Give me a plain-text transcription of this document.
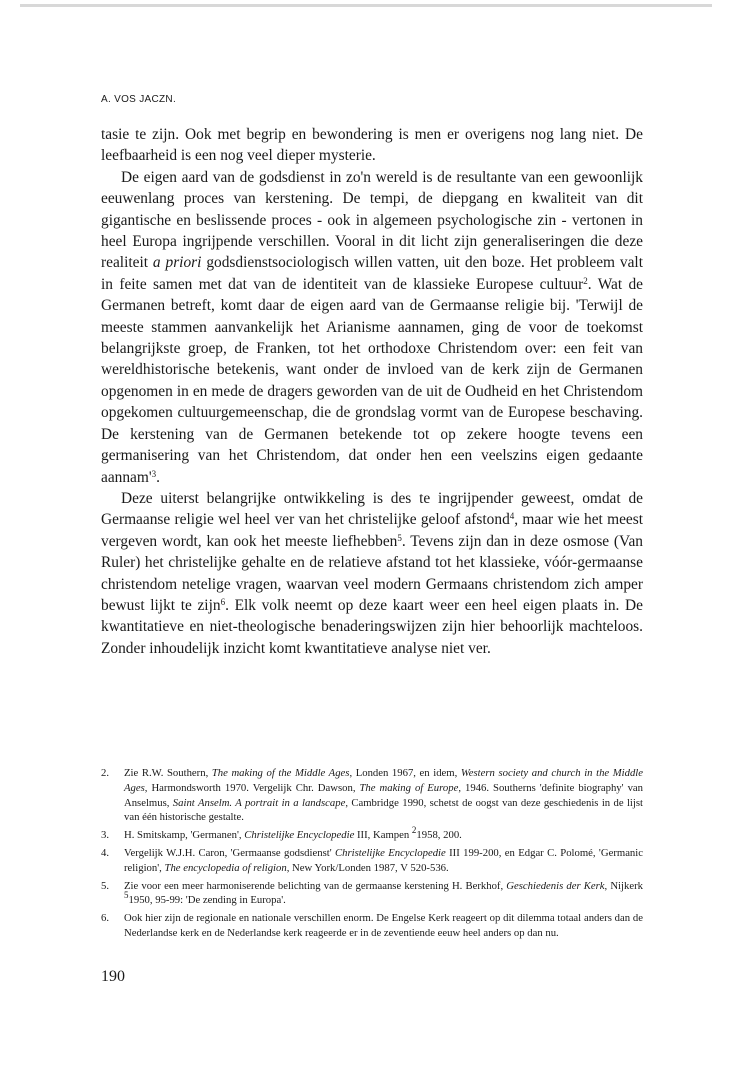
A. VOS JACZN.

tasie te zijn. Ook met begrip en bewondering is men er overigens nog lang niet. De leefbaarheid is een nog veel dieper mysterie.

De eigen aard van de godsdienst in zo'n wereld is de resultante van een gewoonlijk eeuwenlang proces van kerstening. De tempi, de diepgang en kwaliteit van dit gigantische en beslissende proces - ook in algemeen psychologische zin - vertonen in heel Europa ingrijpende verschillen. Vooral in dit licht zijn generaliseringen die deze realiteit a priori godsdienstsociologisch willen vatten, uit den boze. Het probleem valt in feite samen met dat van de identiteit van de klassieke Europese cultuur$^2$. Wat de Germanen betreft, komt daar de eigen aard van de Germaanse religie bij. 'Terwijl de meeste stammen aanvankelijk het Arianisme aannamen, ging de voor de toekomst belangrijkste groep, de Franken, tot het orthodoxe Christendom over: een feit van wereldhistorische betekenis, want onder de invloed van de kerk zijn de Germanen opgenomen in en mede de dragers geworden van de uit de Oudheid en het Christendom opgekomen cultuurgemeenschap, die de grondslag vormt van de Europese beschaving. De kerstening van de Germanen betekende tot op zekere hoogte tevens een germanisering van het Christendom, dat onder hen een veelszins eigen gedaante $aannam'^3$.

Deze uiterst belangrijke ontwikkeling is des te ingrijpender geweest, omdat de Germaanse religie wel heel ver van het christelijke geloof afstond$^4$, maar wie het meest vergeven wordt, kan ook het meeste liefhebben$^5$. Tevens zijn dan in deze osmose (Van Ruler) het christelijke gehalte en de relatieve afstand tot het klassieke, vóór-germaanse christendom netelige vragen, waarvan veel modern Germaans christendom zich amper bewust lijkt te zijn$^6$. Elk volk neemt op deze kaart weer een heel eigen plaats in. De kwantitatieve en niet-theologische benaderingswijzen zijn hier behoorlijk machteloos. Zonder inhoudelijk inzicht komt kwantitatieve analyse niet ver.

2.	Zie R.W. Southern, The making of the Middle Ages, Londen 1967, en idem, Western society and church in the Middle Ages, Harmondsworth 1970. Vergelijk Chr. Dawson, The making of Europe, 1946. Southerns 'definite biography' van Anselmus, Saint Anselm. A portrait in a landscape, Cambridge 1990, schetst de oogst van deze geschiedenis in de lijst van één historische gestalte.
3.	H. Smitskamp, 'Germanen', Christelijke Encyclopedie III, Kampen $^2$1958, 200.
4.	Vergelijk W.J.H. Caron, 'Germaanse godsdienst' Christelijke Encyclopedie III 199-200, en Edgar C. Polomé, 'Germanic religion', The encyclopedia of religion, New York/Londen 1987, V 520-536.
5.	Zie voor een meer harmoniserende belichting van de germaanse kerstening H. Berkhof, Geschiedenis der Kerk, Nijkerk $^5$1950, 95-99: 'De zending in Europa'.
6.	Ook hier zijn de regionale en nationale verschillen enorm. De Engelse Kerk reageert op dit dilemma totaal anders dan de Nederlandse kerk en de Nederlandse kerk reageerde er in de zeventiende eeuw heel anders op dan nu.
190
